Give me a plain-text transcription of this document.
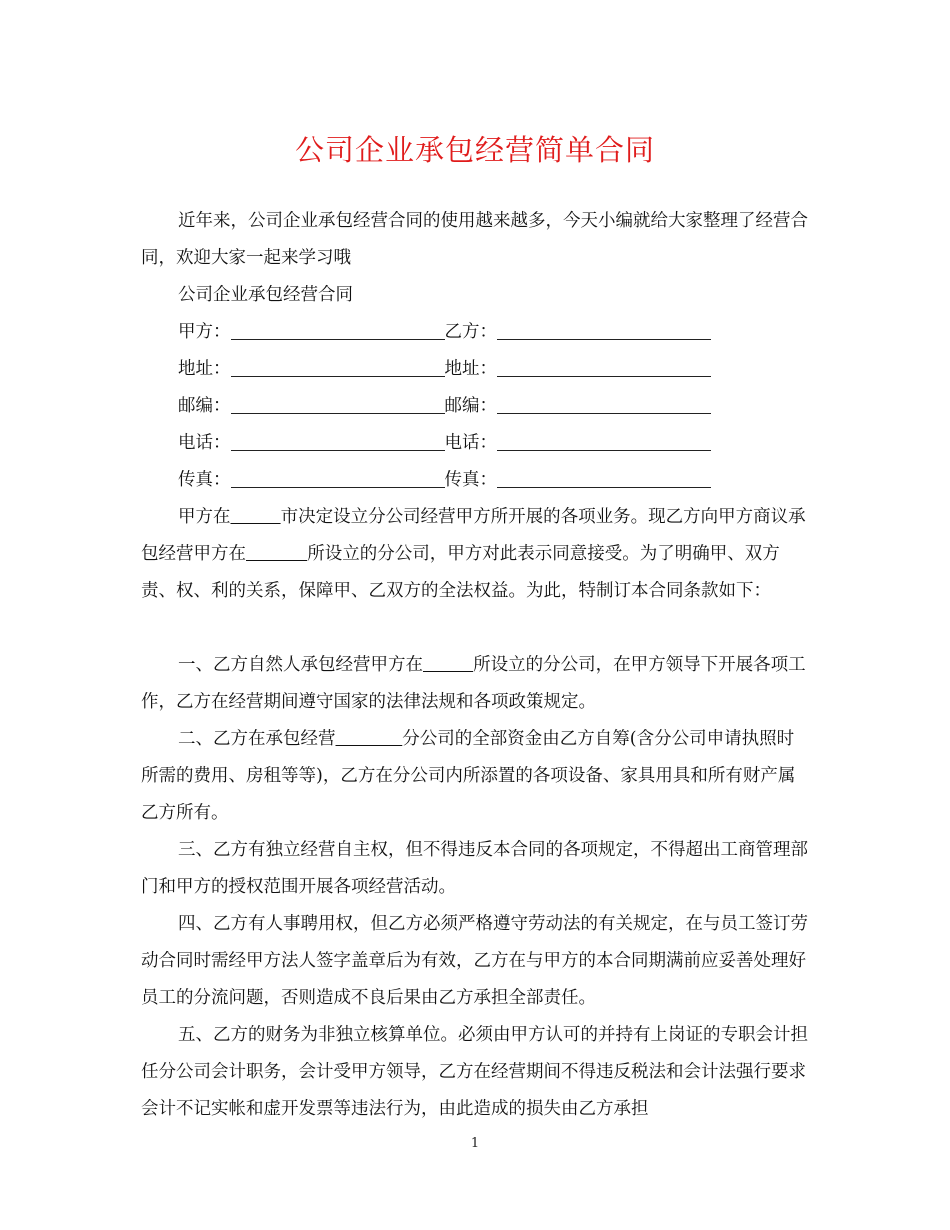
公司企业承包经营简单合同

近年来，公司企业承包经营合同的使用越来越多，今天小编就给大家整理了经营合同，欢迎大家一起来学习哦

公司企业承包经营合同
甲方：	乙方：
地址：	地址：
邮编：	邮编：
电话：	电话：
传真：	传真：

甲方在	市决定设立分公司经营甲方所开展的各项业务。现乙方向甲方商议承包经营甲方在	所设立的分公司，甲方对此表示同意接受。为了明确甲、双方责、权、利的关系，保障甲、乙双方的全法权益。为此，特制订本合同条款如下：

一、乙方自然人承包经营甲方在	所设立的分公司，在甲方领导下开展各项工作，乙方在经营期间遵守国家的法律法规和各项政策规定。

二、乙方在承包经营	分公司的全部资金由乙方自筹(含分公司申请执照时所需的费用、房租等等)，乙方在分公司内所添置的各项设备、家具用具和所有财产属乙方所有。

三、乙方有独立经营自主权，但不得违反本合同的各项规定，不得超出工商管理部门和甲方的授权范围开展各项经营活动。

四、乙方有人事聘用权，但乙方必须严格遵守劳动法的有关规定，在与员工签订劳动合同时需经甲方法人签字盖章后为有效，乙方在与甲方的本合同期满前应妥善处理好员工的分流问题，否则造成不良后果由乙方承担全部责任。

五、乙方的财务为非独立核算单位。必须由甲方认可的并持有上岗证的专职会计担任分公司会计职务，会计受甲方领导，乙方在经营期间不得违反税法和会计法强行要求会计不记实帐和虚开发票等违法行为，由此造成的损失由乙方承担

1
